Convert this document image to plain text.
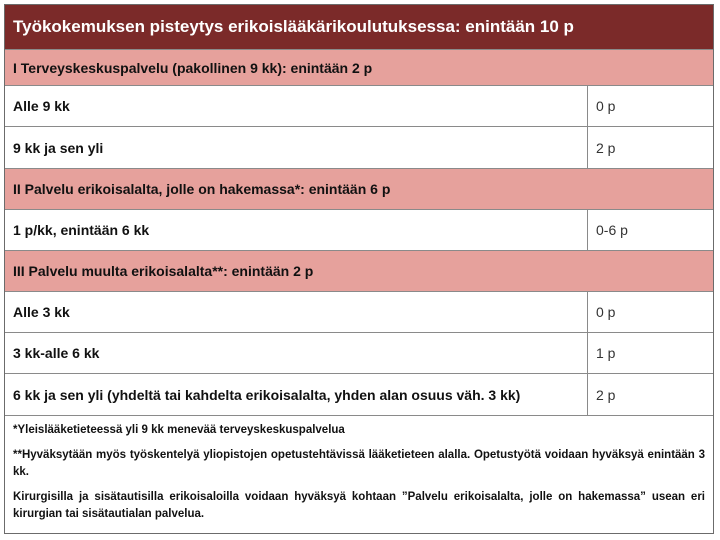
Työkokemuksen pisteytys erikoislääkärikoulutuksessa: enintään 10 p
I Terveyskeskuspalvelu (pakollinen 9 kk): enintään 2 p
Alle 9 kk	0 p
9 kk ja sen yli	2 p
II Palvelu erikoisalalta, jolle on hakemassa*: enintään 6 p
1 p/kk, enintään 6 kk	0-6 p
III Palvelu muulta erikoisalalta**: enintään 2 p
Alle 3 kk	0 p
3 kk-alle 6 kk	1 p
6 kk ja sen yli (yhdeltä tai kahdelta erikoisalalta, yhden alan osuus väh. 3 kk)	2 p

*Yleislääketieteessä yli 9 kk menevää terveyskeskuspalvelua

**Hyväksytään myös työskentelyä yliopistojen opetustehtävissä lääketieteen alalla. Opetustyötä voidaan hyväksyä enintään 3 kk.

Kirurgisilla ja sisätautisilla erikoisaloilla voidaan hyväksyä kohtaan ”Palvelu erikoisalalta, jolle on hakemassa” usean eri kirurgian tai sisätautialan palvelua.
